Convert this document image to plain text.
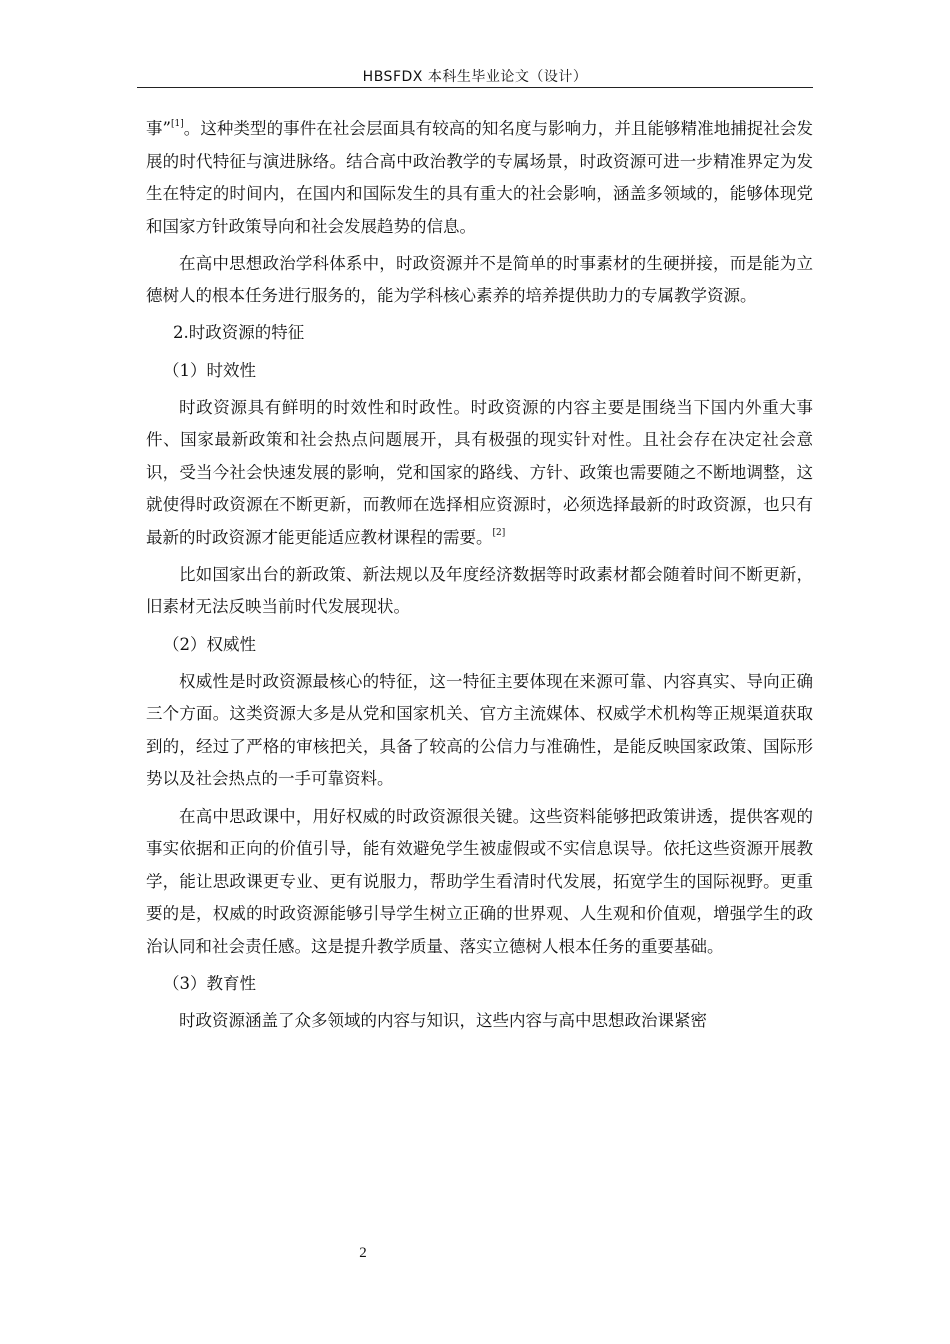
HBSFDX 本科生毕业论文（设计）

事”[1]。这种类型的事件在社会层面具有较高的知名度与影响力，并且能够精准地捕捉社会发展的时代特征与演进脉络。结合高中政治教学的专属场景，时政资源可进一步精准界定为发生在特定的时间内，在国内和国际发生的具有重大的社会影响，涵盖多领域的，能够体现党和国家方针政策导向和社会发展趋势的信息。

在高中思想政治学科体系中，时政资源并不是简单的时事素材的生硬拼接，而是能为立德树人的根本任务进行服务的，能为学科核心素养的培养提供助力的专属教学资源。

2.时政资源的特征

（1）时效性

时政资源具有鲜明的时效性和时政性。时政资源的内容主要是围绕当下国内外重大事件、国家最新政策和社会热点问题展开，具有极强的现实针对性。且社会存在决定社会意识，受当今社会快速发展的影响，党和国家的路线、方针、政策也需要随之不断地调整，这就使得时政资源在不断更新，而教师在选择相应资源时，必须选择最新的时政资源，也只有最新的时政资源才能更能适应教材课程的需要。[2]

比如国家出台的新政策、新法规以及年度经济数据等时政素材都会随着时间不断更新，旧素材无法反映当前时代发展现状。

（2）权威性

权威性是时政资源最核心的特征，这一特征主要体现在来源可靠、内容真实、导向正确三个方面。这类资源大多是从党和国家机关、官方主流媒体、权威学术机构等正规渠道获取到的，经过了严格的审核把关，具备了较高的公信力与准确性，是能反映国家政策、国际形势以及社会热点的一手可靠资料。

在高中思政课中，用好权威的时政资源很关键。这些资料能够把政策讲透，提供客观的事实依据和正向的价值引导，能有效避免学生被虚假或不实信息误导。依托这些资源开展教学，能让思政课更专业、更有说服力，帮助学生看清时代发展，拓宽学生的国际视野。更重要的是，权威的时政资源能够引导学生树立正确的世界观、人生观和价值观，增强学生的政治认同和社会责任感。这是提升教学质量、落实立德树人根本任务的重要基础。

（3）教育性

时政资源涵盖了众多领域的内容与知识，这些内容与高中思想政治课紧密

2
